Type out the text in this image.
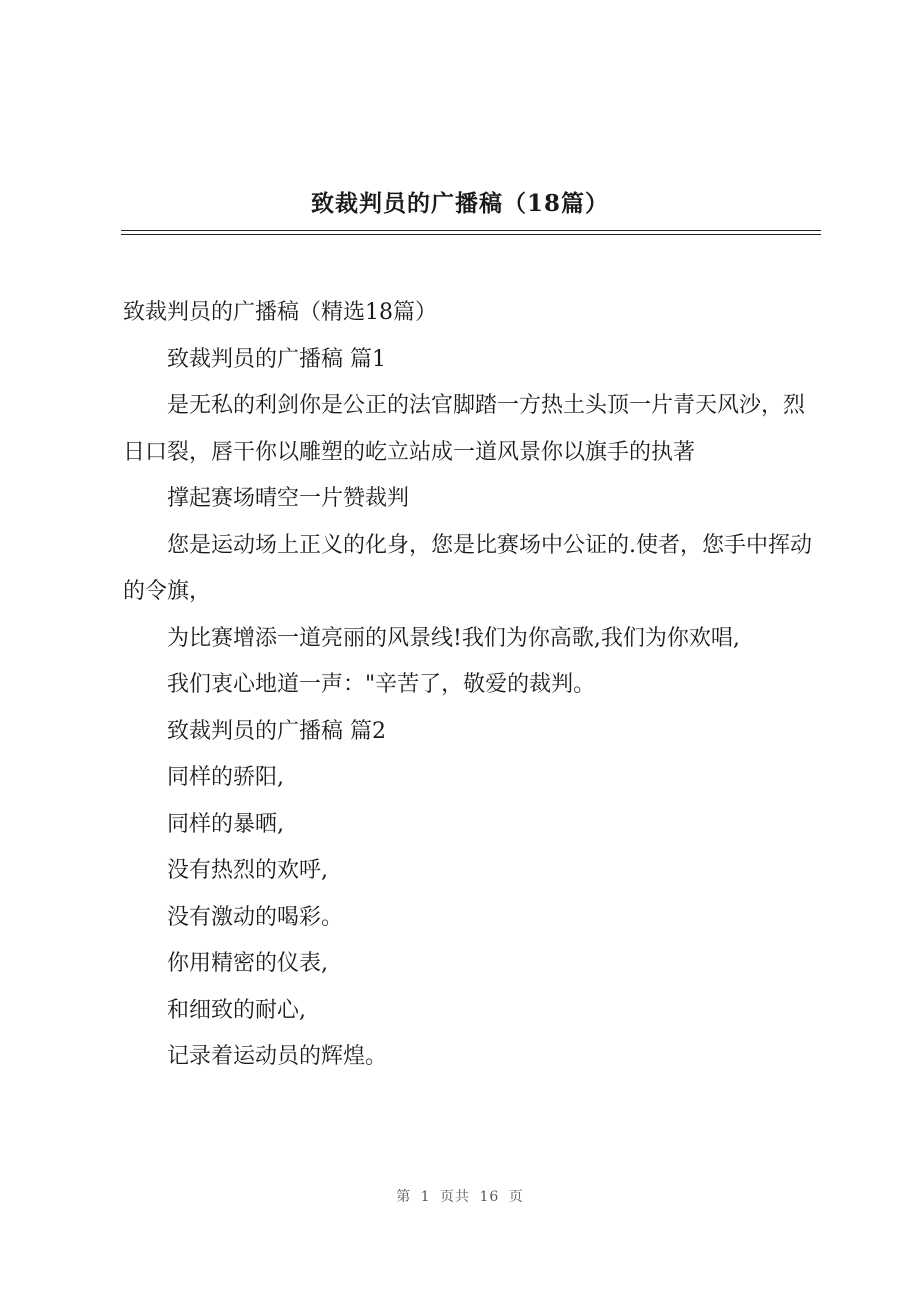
致裁判员的广播稿（18篇）

致裁判员的广播稿（精选18篇）

致裁判员的广播稿 篇1

是无私的利剑你是公正的法官脚踏一方热土头顶一片青天风沙，烈日口裂，唇干你以雕塑的屹立站成一道风景你以旗手的执著

撑起赛场晴空一片赞裁判

您是运动场上正义的化身，您是比赛场中公证的.使者，您手中挥动的令旗，

为比赛增添一道亮丽的风景线!我们为你高歌,我们为你欢唱,

我们衷心地道一声："辛苦了，敬爱的裁判。

致裁判员的广播稿 篇2

同样的骄阳,

同样的暴晒,

没有热烈的欢呼,

没有激动的喝彩。

你用精密的仪表,

和细致的耐心,

记录着运动员的辉煌。

第 1 页共 16 页
